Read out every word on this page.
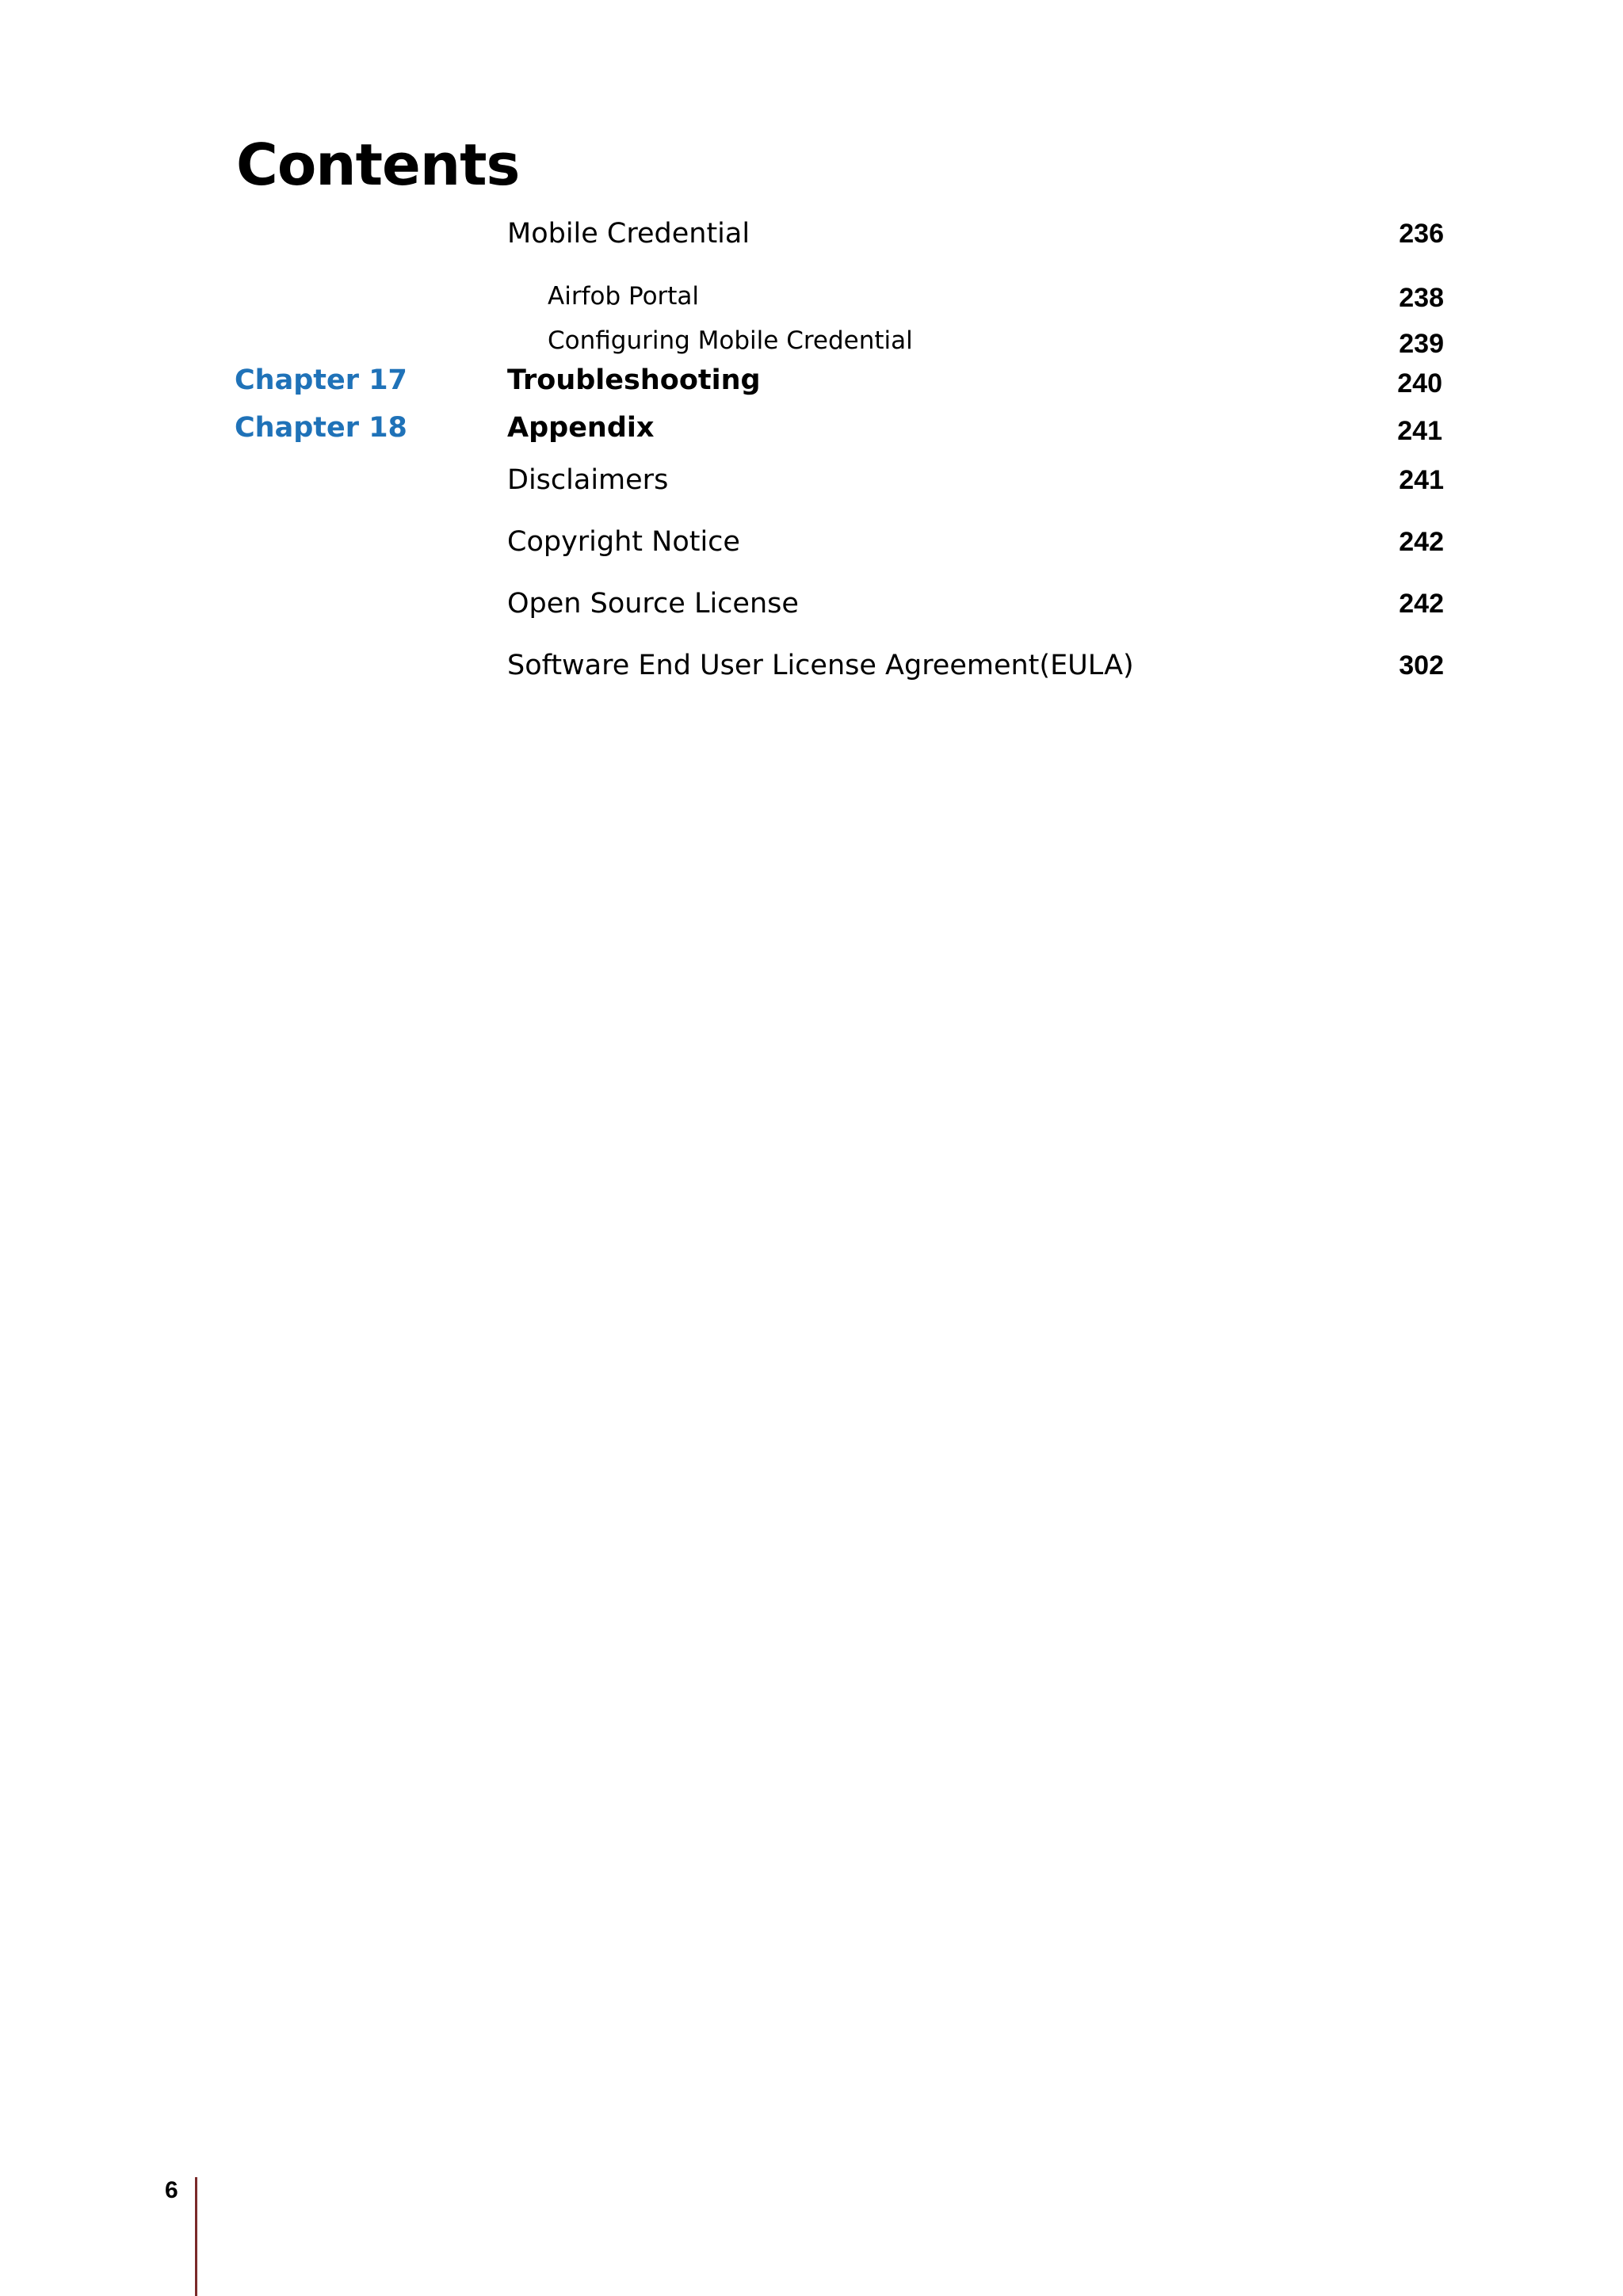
Contents
Mobile Credential	236
Airfob Portal	238
Configuring Mobile Credential	239
Chapter 17	Troubleshooting	240
Chapter 18	Appendix	241
Disclaimers	241
Copyright Notice	242
Open Source License	242
Software End User License Agreement(EULA)	302
6
